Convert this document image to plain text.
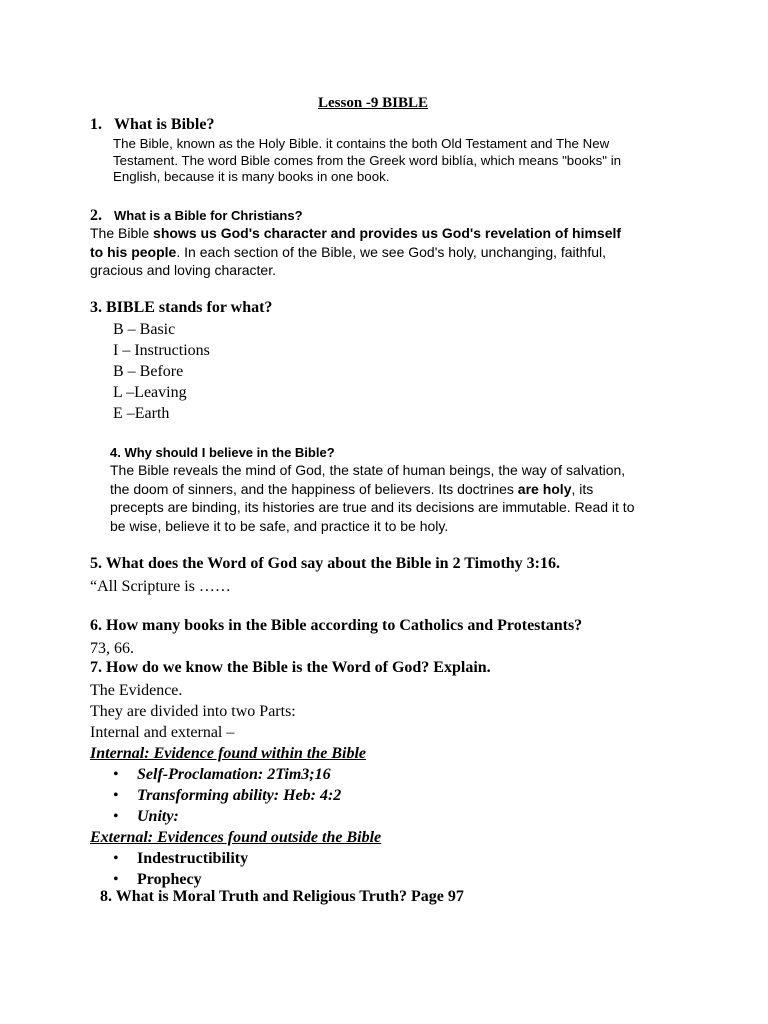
Lesson -9 BIBLE
1. What is Bible?
The Bible, known as the Holy Bible. it contains the both Old Testament and The New
Testament. The word Bible comes from the Greek word biblía, which means "books" in
English, because it is many books in one book.
2. What is a Bible for Christians?
The Bible shows us God's character and provides us God's revelation of himself
to his people. In each section of the Bible, we see God's holy, unchanging, faithful,
gracious and loving character.
3. BIBLE stands for what?
B – Basic
I – Instructions
B – Before
L –Leaving
E –Earth
4. Why should I believe in the Bible?
The Bible reveals the mind of God, the state of human beings, the way of salvation,
the doom of sinners, and the happiness of believers. Its doctrines are holy, its
precepts are binding, its histories are true and its decisions are immutable. Read it to
be wise, believe it to be safe, and practice it to be holy.
5. What does the Word of God say about the Bible in 2 Timothy 3:16.
“All Scripture is ……
6. How many books in the Bible according to Catholics and Protestants?
73, 66.
7. How do we know the Bible is the Word of God? Explain.
The Evidence.
They are divided into two Parts:
Internal and external –
Internal: Evidence found within the Bible
• Self-Proclamation: 2Tim3;16
• Transforming ability: Heb: 4:2
• Unity:
External: Evidences found outside the Bible
• Indestructibility
• Prophecy
8. What is Moral Truth and Religious Truth? Page 97
